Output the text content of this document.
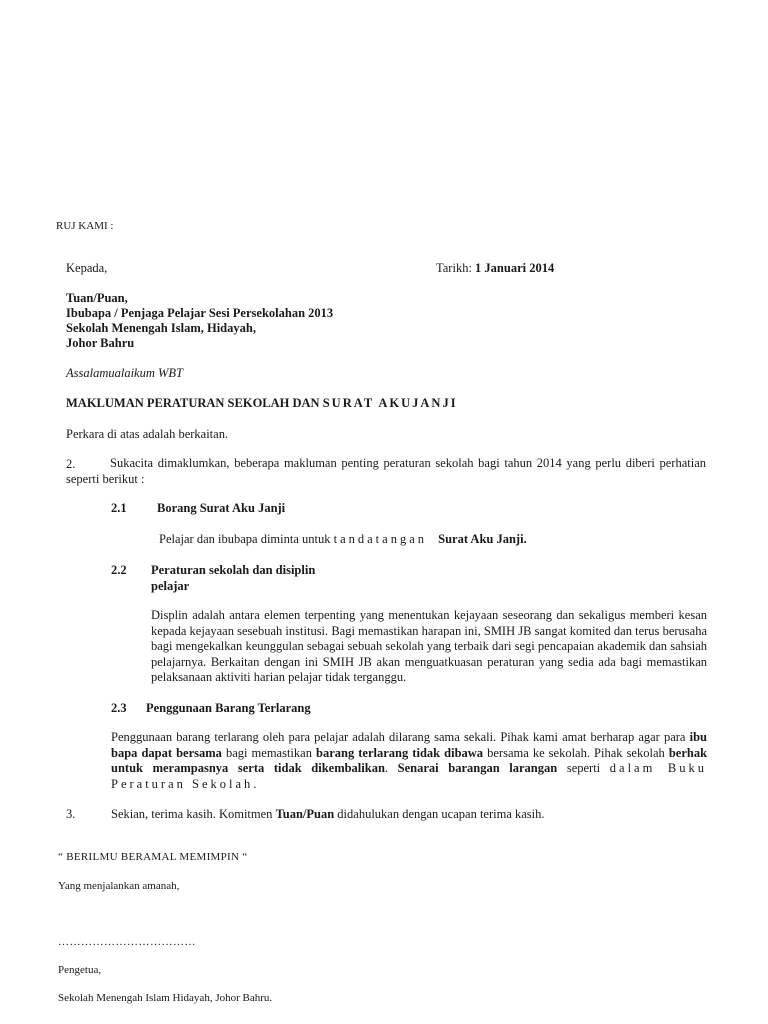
RUJ KAMI :
Kepada,	Tarikh: 1 Januari 2014
Tuan/Puan,
Ibubapa / Penjaga Pelajar Sesi Persekolahan 2013
Sekolah Menengah Islam, Hidayah,
Johor Bahru
Assalamualaikum WBT
MAKLUMAN PERATURAN SEKOLAH DAN SURAT AKUJANJI
Perkara di atas adalah berkaitan.
2.	Sukacita dimaklumkan, beberapa makluman penting peraturan sekolah bagi tahun 2014 yang perlu diberi perhatian seperti berikut :
2.1 Borang Surat Aku Janji
Pelajar dan ibubapa diminta untuk tandatangan Surat Aku Janji.
2.2 Peraturan sekolah dan disiplin
pelajar
Displin adalah antara elemen terpenting yang menentukan kejayaan seseorang dan sekaligus memberi kesan kepada kejayaan sesebuah institusi. Bagi memastikan harapan ini, SMIH JB sangat komited dan terus berusaha bagi mengekalkan keunggulan sebagai sebuah sekolah yang terbaik dari segi pencapaian akademik dan sahsiah pelajarnya. Berkaitan dengan ini SMIH JB akan menguatkuasan peraturan yang sedia ada bagi memastikan pelaksanaan aktiviti harian pelajar tidak terganggu.
2.3 Penggunaan Barang Terlarang
Penggunaan barang terlarang oleh para pelajar adalah dilarang sama sekali. Pihak kami amat berharap agar para ibu bapa dapat bersama bagi memastikan barang terlarang tidak dibawa bersama ke sekolah. Pihak sekolah berhak untuk merampasnya serta tidak dikembalikan. Senarai barangan larangan seperti dalam Buku Peraturan Sekolah.
3.	Sekian, terima kasih. Komitmen Tuan/Puan didahulukan dengan ucapan terima kasih.
“ BERILMU BERAMAL MEMIMPIN “
Yang menjalankan amanah,
………………………………
Pengetua,
Sekolah Menengah Islam Hidayah, Johor Bahru.
